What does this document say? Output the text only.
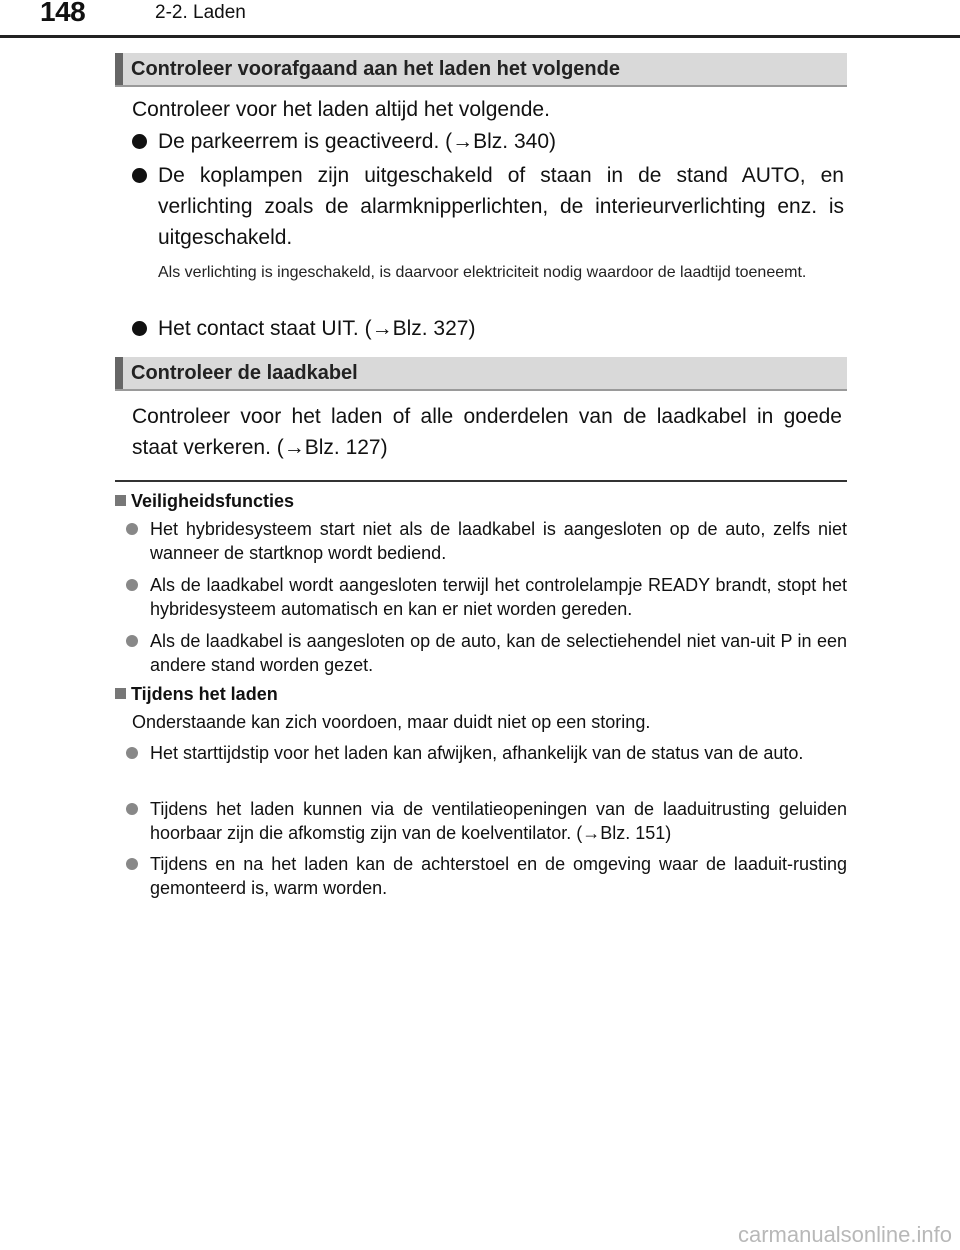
148	2-2. Laden
Controleer voorafgaand aan het laden het volgende
Controleer voor het laden altijd het volgende.
De parkeerrem is geactiveerd. (→Blz. 340)
De koplampen zijn uitgeschakeld of staan in de stand AUTO, en verlichting zoals de alarmknipperlichten, de interieurverlichting enz. is uitgeschakeld.
Als verlichting is ingeschakeld, is daarvoor elektriciteit nodig waardoor de laadtijd toeneemt.
Het contact staat UIT. (→Blz. 327)
Controleer de laadkabel
Controleer voor het laden of alle onderdelen van de laadkabel in goede staat verkeren. (→Blz. 127)
Veiligheidsfuncties
Het hybridesysteem start niet als de laadkabel is aangesloten op de auto, zelfs niet wanneer de startknop wordt bediend.
Als de laadkabel wordt aangesloten terwijl het controlelampje READY brandt, stopt het hybridesysteem automatisch en kan er niet worden gereden.
Als de laadkabel is aangesloten op de auto, kan de selectiehendel niet van-uit P in een andere stand worden gezet.
Tijdens het laden
Onderstaande kan zich voordoen, maar duidt niet op een storing.
Het starttijdstip voor het laden kan afwijken, afhankelijk van de status van de auto.
Tijdens het laden kunnen via de ventilatieopeningen van de laaduitrusting geluiden hoorbaar zijn die afkomstig zijn van de koelventilator. (→Blz. 151)
Tijdens en na het laden kan de achterstoel en de omgeving waar de laaduit-rusting gemonteerd is, warm worden.
carmanualsonline.info
